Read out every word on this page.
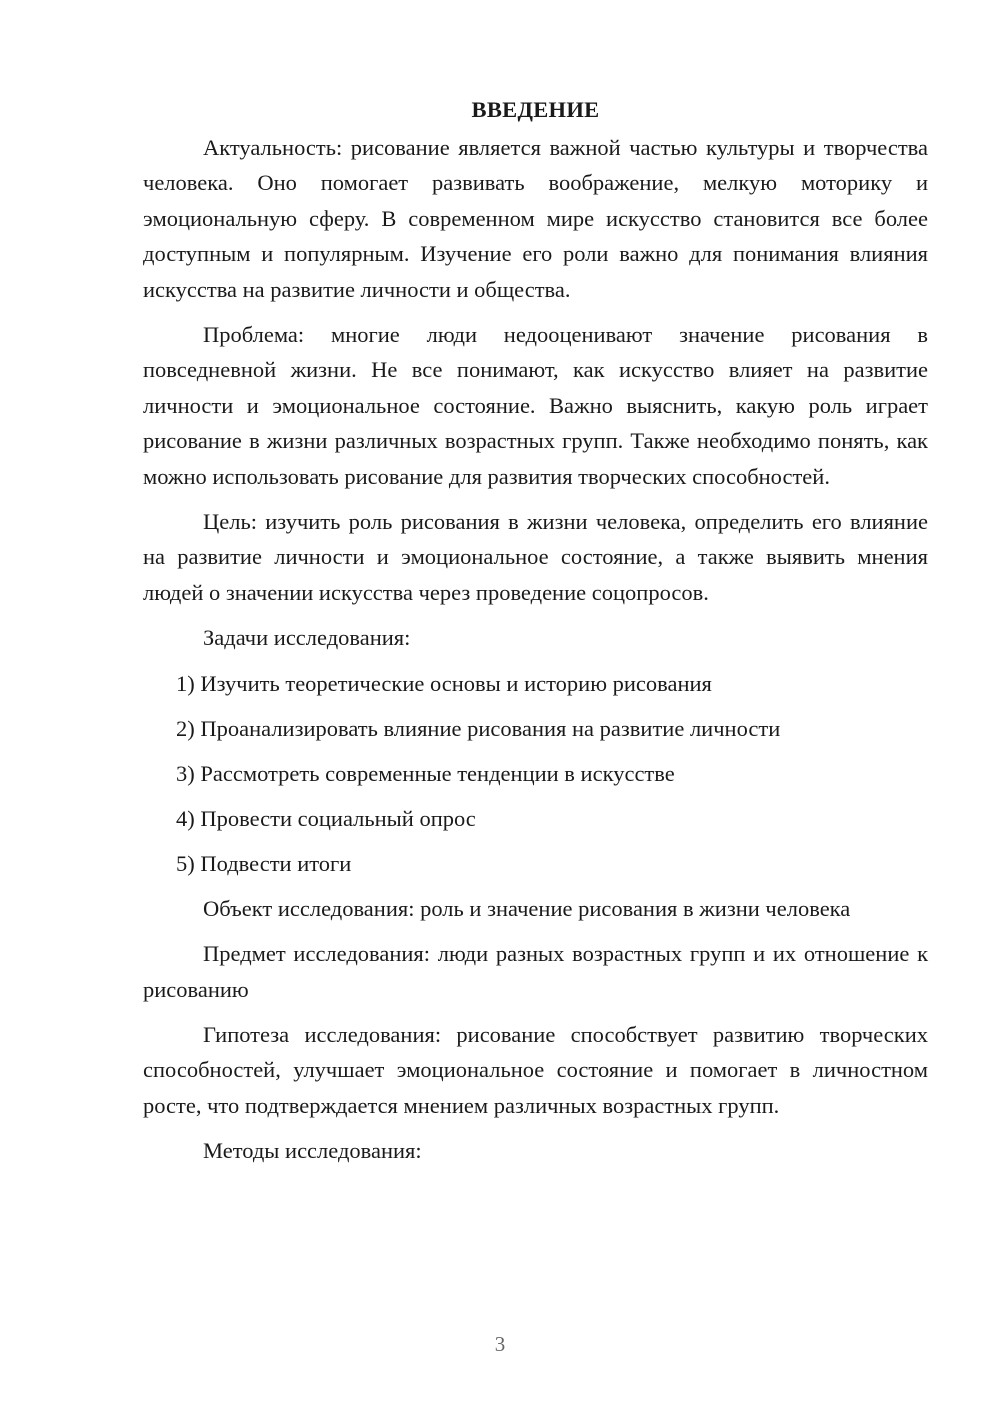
ВВЕДЕНИЕ

Актуальность: рисование является важной частью культуры и творчества человека. Оно помогает развивать воображение, мелкую моторику и эмоциональную сферу. В современном мире искусство становится все более доступным и популярным. Изучение его роли важно для понимания влияния искусства на развитие личности и общества.

Проблема: многие люди недооценивают значение рисования в повседневной жизни. Не все понимают, как искусство влияет на развитие личности и эмоциональное состояние. Важно выяснить, какую роль играет рисование в жизни различных возрастных групп. Также необходимо понять, как можно использовать рисование для развития творческих способностей.

Цель: изучить роль рисования в жизни человека, определить его влияние на развитие личности и эмоциональное состояние, а также выявить мнения людей о значении искусства через проведение соцопросов.

Задачи исследования:

1) Изучить теоретические основы и историю рисования
2) Проанализировать влияние рисования на развитие личности
3) Рассмотреть современные тенденции в искусстве
4) Провести социальный опрос
5) Подвести итоги

Объект исследования: роль и значение рисования в жизни человека

Предмет исследования: люди разных возрастных групп и их отношение к рисованию

Гипотеза исследования: рисование способствует развитию творческих способностей, улучшает эмоциональное состояние и помогает в личностном росте, что подтверждается мнением различных возрастных групп.

Методы исследования:

3
